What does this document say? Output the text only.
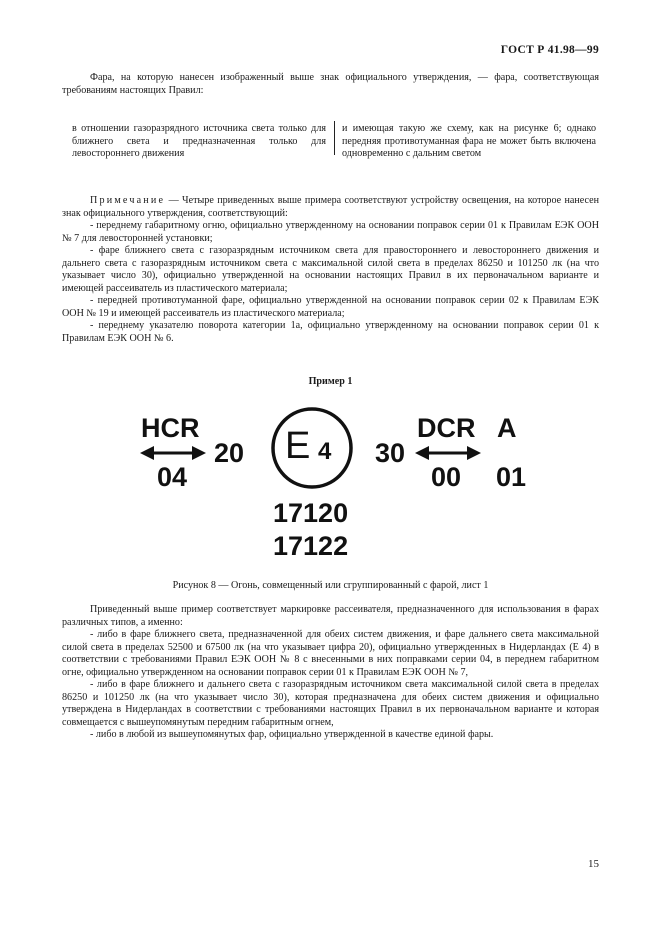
ГОСТ Р 41.98—99

Фара, на которую нанесен изображенный выше знак официального утверждения, — фара, соответствующая требованиям настоящих Правил:

в отношении газоразрядного источника света только для ближнего света и предназначенная только для левостороннего движения
и имеющая такую же схему, как на рисунке 6; однако передняя противотуманная фара не может быть включена одновременно с дальним светом

Примечание — Четыре приведенных выше примера соответствуют устройству освещения, на которое нанесен знак официального утверждения, соответствующий:

- переднему габаритному огню, официально утвержденному на основании поправок серии 01 к Правилам ЕЭК ООН № 7 для левосторонней установки;

- фаре ближнего света с газоразрядным источником света для правостороннего и левостороннего движения и дальнего света с газоразрядным источником света с максимальной силой света в пределах 86250 и 101250 лк (на что указывает число 30), официально утвержденной на основании настоящих Правил в их первоначальном варианте и имеющей рассеиватель из пластического материала;

- передней противотуманной фаре, официально утвержденной на основании поправок серии 02 к Правилам ЕЭК ООН № 19 и имеющей рассеиватель из пластического материала;

- переднему указателю поворота категории 1а, официально утвержденному на основании поправок серии 01 к Правилам ЕЭК ООН № 6.

Пример 1
HCR
04
20 E 4 30
DCR
00
A
01
17120
17122
Рисунок 8 — Огонь, совмещенный или сгруппированный с фарой, лист 1

Приведенный выше пример соответствует маркировке рассеивателя, предназначенного для использования в фарах различных типов, а именно:

- либо в фаре ближнего света, предназначенной для обеих систем движения, и фаре дальнего света максимальной силой света в пределах 52500 и 67500 лк (на что указывает цифра 20), официально утвержденных в Нидерландах (Е 4) в соответствии с требованиями Правил ЕЭК ООН № 8 с внесенными в них поправками серии 04, в переднем габаритном огне, официально утвержденном на основании поправок серии 01 к Правилам ЕЭК ООН № 7,

- либо в фаре ближнего и дальнего света с газоразрядным источником света максимальной силой света в пределах 86250 и 101250 лк (на что указывает число 30), которая предназначена для обеих систем движения и официально утверждена в Нидерландах в соответствии с требованиями настоящих Правил в их первоначальном варианте и которая совмещается с вышеупомянутым передним габаритным огнем,

- либо в любой из вышеупомянутых фар, официально утвержденной в качестве единой фары.

15
